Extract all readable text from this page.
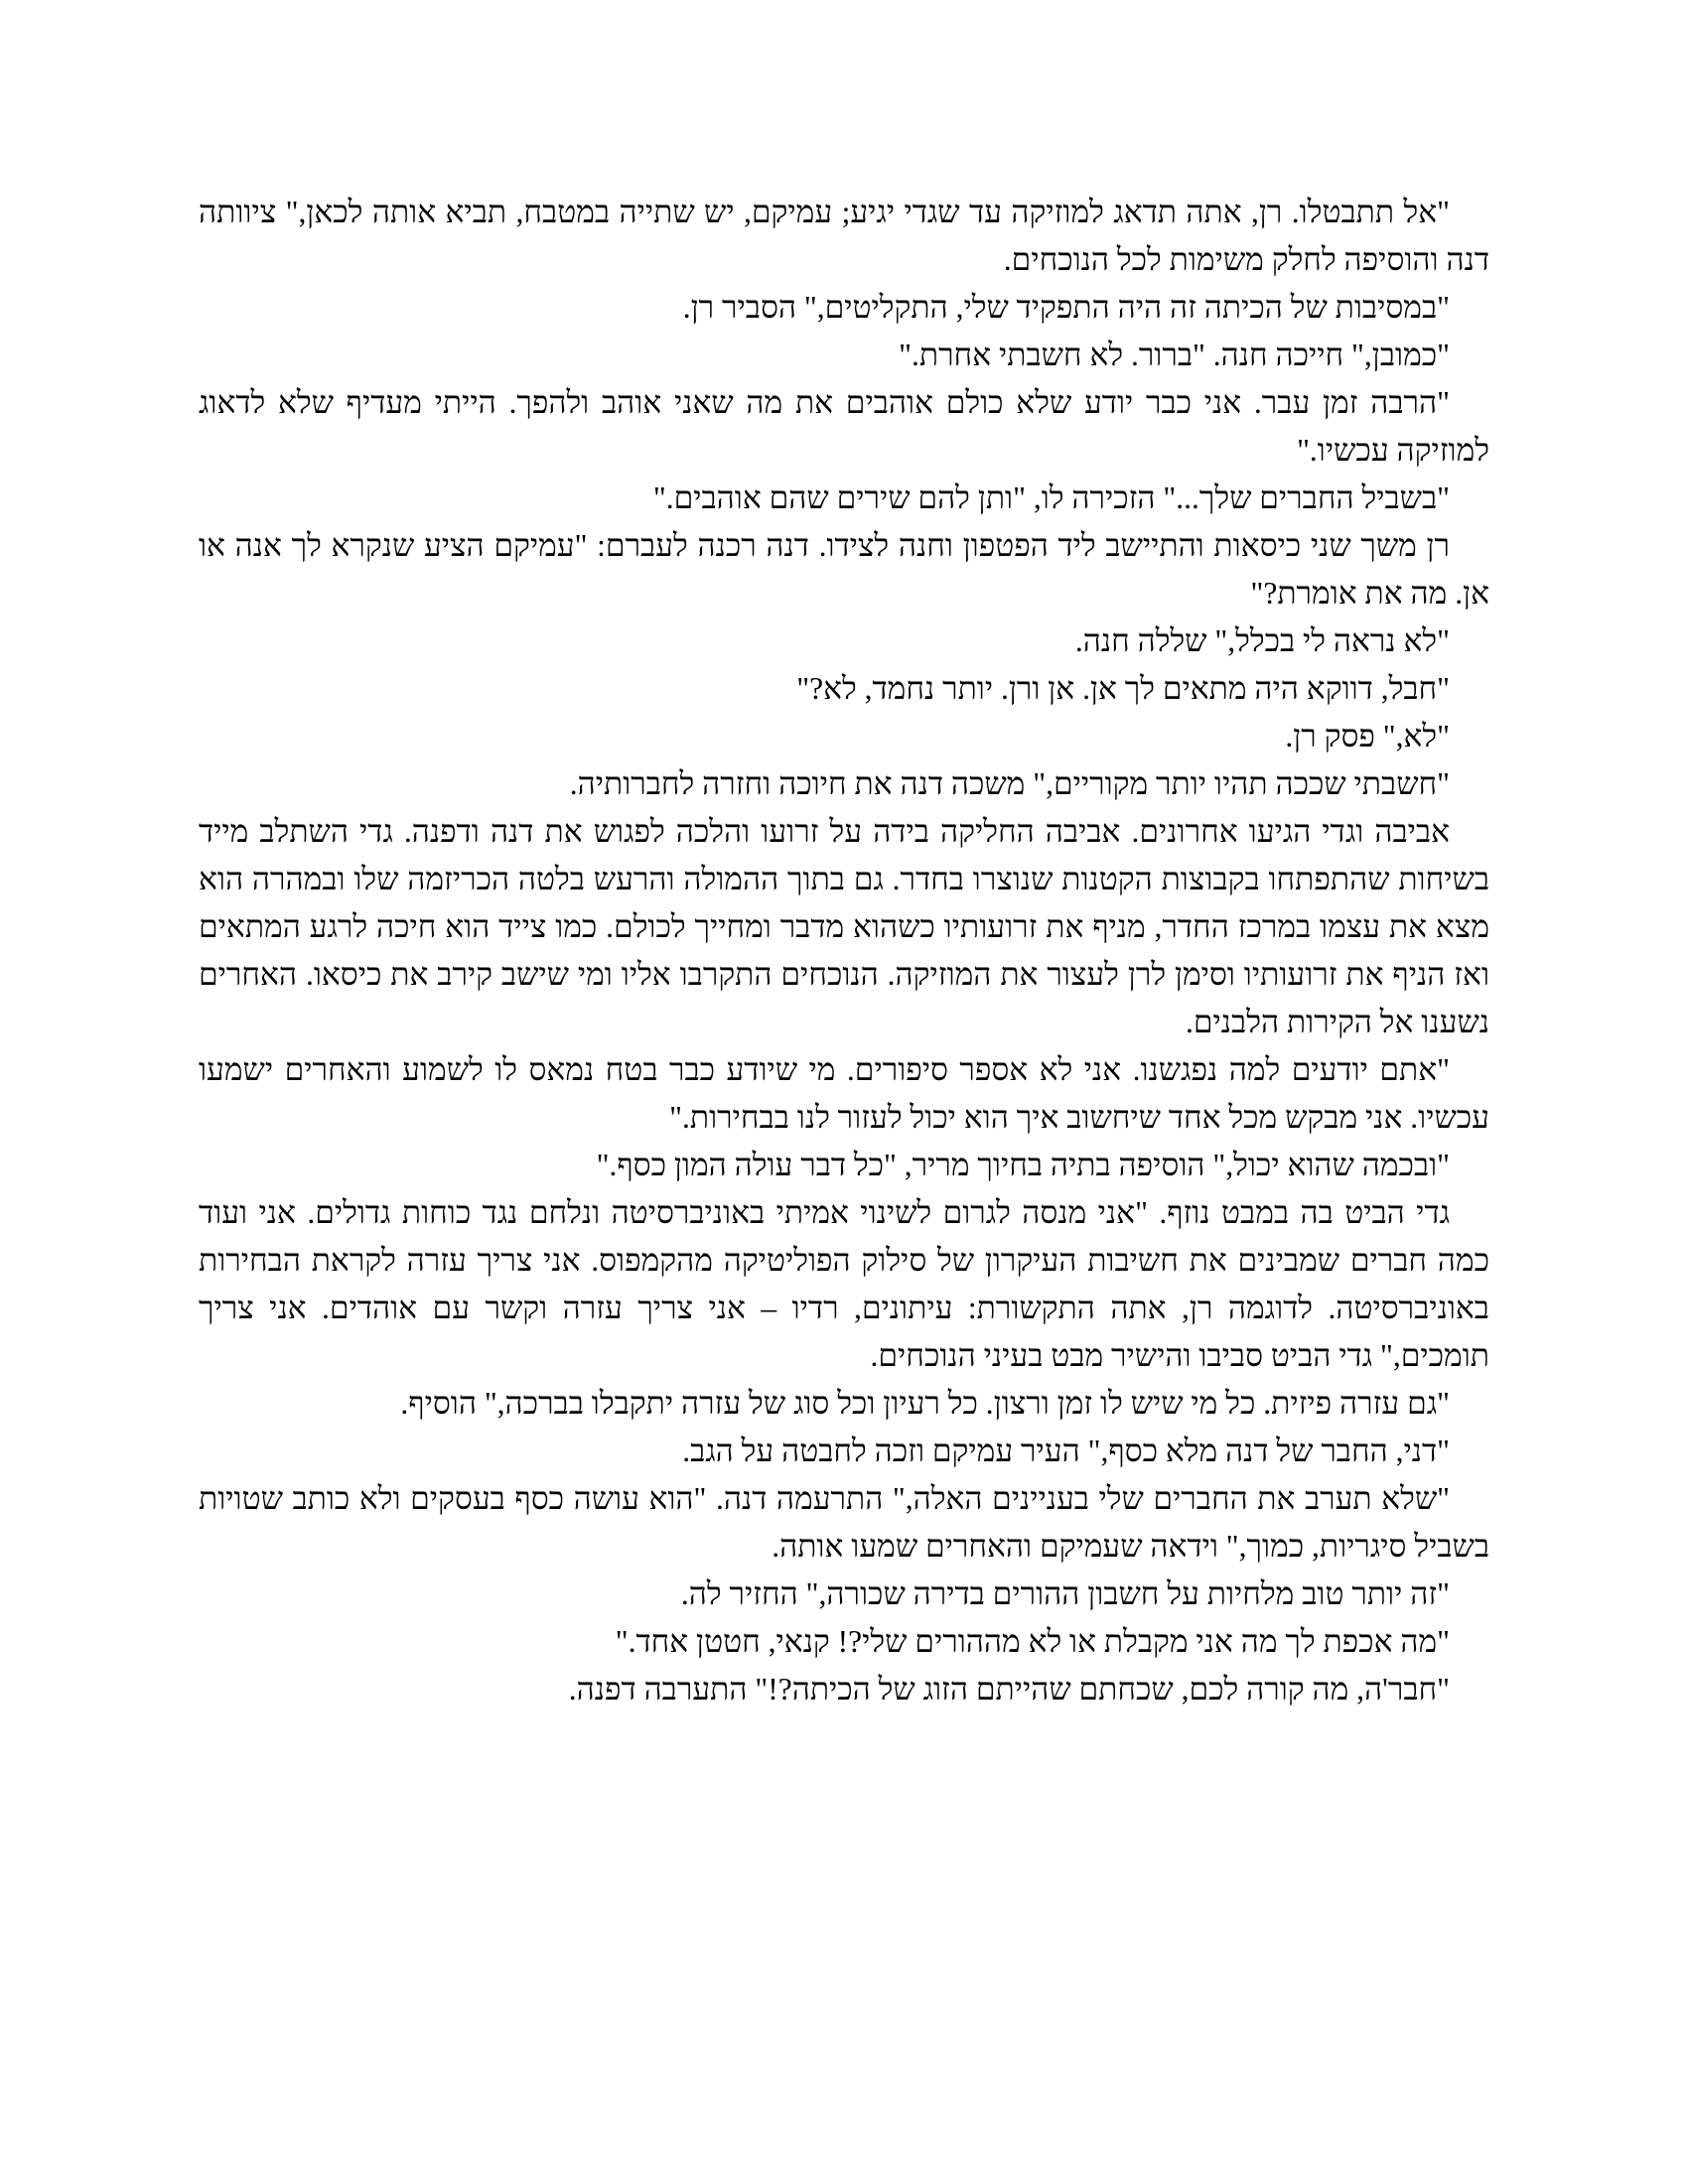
"אל תתבטלו. רן, אתה תדאג למוזיקה עד שגדי יגיע; עמיקם, יש שתייה במטבח, תביא אותה לכאן," ציוותה דנה והוסיפה לחלק משימות לכל הנוכחים.

"במסיבות של הכיתה זה היה התפקיד שלי, התקליטים," הסביר רן.

"כמובן," חייכה חנה. "ברור. לא חשבתי אחרת."

"הרבה זמן עבר. אני כבר יודע שלא כולם אוהבים את מה שאני אוהב ולהפך. הייתי מעדיף שלא לדאוג למוזיקה עכשיו."

"בשביל החברים שלך..." הזכירה לו, "ותן להם שירים שהם אוהבים."

רן משך שני כיסאות והתיישב ליד הפטפון וחנה לצידו. דנה רכנה לעברם: "עמיקם הציע שנקרא לך אנה או אן. מה את אומרת?"

"לא נראה לי בכלל," שללה חנה.

"חבל, דווקא היה מתאים לך אן. אן ורן. יותר נחמד, לא?"

"לא," פסק רן.

"חשבתי שככה תהיו יותר מקוריים," משכה דנה את חיוכה וחזרה לחברותיה.

אביבה וגדי הגיעו אחרונים. אביבה החליקה בידה על זרועו והלכה לפגוש את דנה ודפנה. גדי השתלב מייד בשיחות שהתפתחו בקבוצות הקטנות שנוצרו בחדר. גם בתוך ההמולה והרעש בלטה הכריזמה שלו ובמהרה הוא מצא את עצמו במרכז החדר, מניף את זרועותיו כשהוא מדבר ומחייך לכולם. כמו צייד הוא חיכה לרגע המתאים ואז הניף את זרועותיו וסימן לרן לעצור את המוזיקה. הנוכחים התקרבו אליו ומי שישב קירב את כיסאו. האחרים נשענו אל הקירות הלבנים.

"אתם יודעים למה נפגשנו. אני לא אספר סיפורים. מי שיודע כבר בטח נמאס לו לשמוע והאחרים ישמעו עכשיו. אני מבקש מכל אחד שיחשוב איך הוא יכול לעזור לנו בבחירות."

"ובכמה שהוא יכול," הוסיפה בתיה בחיוך מריר, "כל דבר עולה המון כסף."

גדי הביט בה במבט נוזף. "אני מנסה לגרום לשינוי אמיתי באוניברסיטה ונלחם נגד כוחות גדולים. אני ועוד כמה חברים שמבינים את חשיבות העיקרון של סילוק הפוליטיקה מהקמפוס. אני צריך עזרה לקראת הבחירות באוניברסיטה. לדוגמה רן, אתה התקשורת: עיתונים, רדיו – אני צריך עזרה וקשר עם אוהדים. אני צריך תומכים," גדי הביט סביבו והישיר מבט בעיני הנוכחים.

"גם עזרה פיזית. כל מי שיש לו זמן ורצון. כל רעיון וכל סוג של עזרה יתקבלו בברכה," הוסיף.

"דני, החבר של דנה מלא כסף," העיר עמיקם וזכה לחבטה על הגב.

"שלא תערב את החברים שלי בעניינים האלה," התרעמה דנה. "הוא עושה כסף בעסקים ולא כותב שטויות בשביל סיגריות, כמוך," וידאה שעמיקם והאחרים שמעו אותה.

"זה יותר טוב מלחיות על חשבון ההורים בדירה שכורה," החזיר לה.

"מה אכפת לך מה אני מקבלת או לא מההורים שלי?! קנאי, חטטן אחד."

"חבר'ה, מה קורה לכם, שכחתם שהייתם הזוג של הכיתה?!" התערבה דפנה.
